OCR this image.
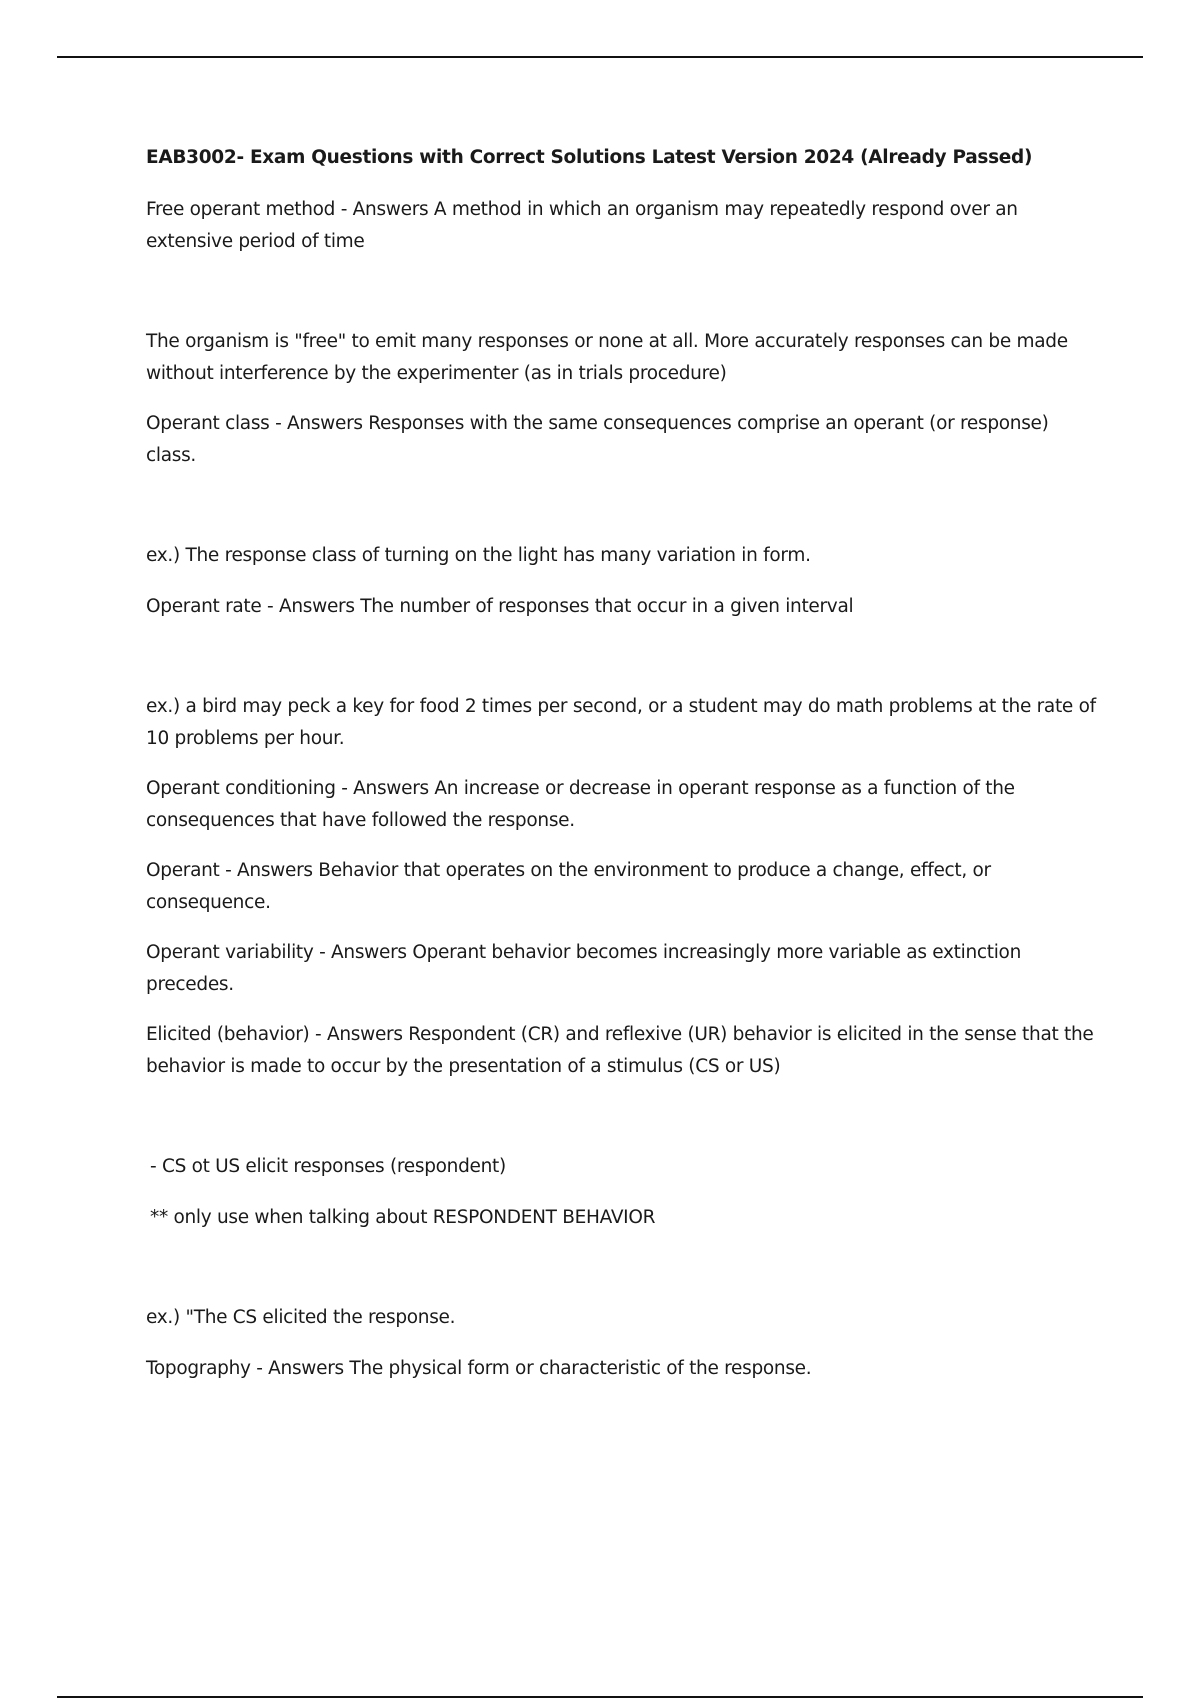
EAB3002- Exam Questions with Correct Solutions Latest Version 2024 (Already Passed)
Free operant method - Answers A method in which an organism may repeatedly respond over an extensive period of time
The organism is "free" to emit many responses or none at all. More accurately responses can be made without interference by the experimenter (as in trials procedure)
Operant class - Answers Responses with the same consequences comprise an operant (or response) class.
ex.) The response class of turning on the light has many variation in form.
Operant rate - Answers The number of responses that occur in a given interval
ex.) a bird may peck a key for food 2 times per second, or a student may do math problems at the rate of 10 problems per hour.
Operant conditioning - Answers An increase or decrease in operant response as a function of the consequences that have followed the response.
Operant - Answers Behavior that operates on the environment to produce a change, effect, or consequence.
Operant variability - Answers Operant behavior becomes increasingly more variable as extinction precedes.
Elicited (behavior) - Answers Respondent (CR) and reflexive (UR) behavior is elicited in the sense that the behavior is made to occur by the presentation of a stimulus (CS or US)
- CS ot US elicit responses (respondent)
** only use when talking about RESPONDENT BEHAVIOR
ex.) "The CS elicited the response.
Topography - Answers The physical form or characteristic of the response.
